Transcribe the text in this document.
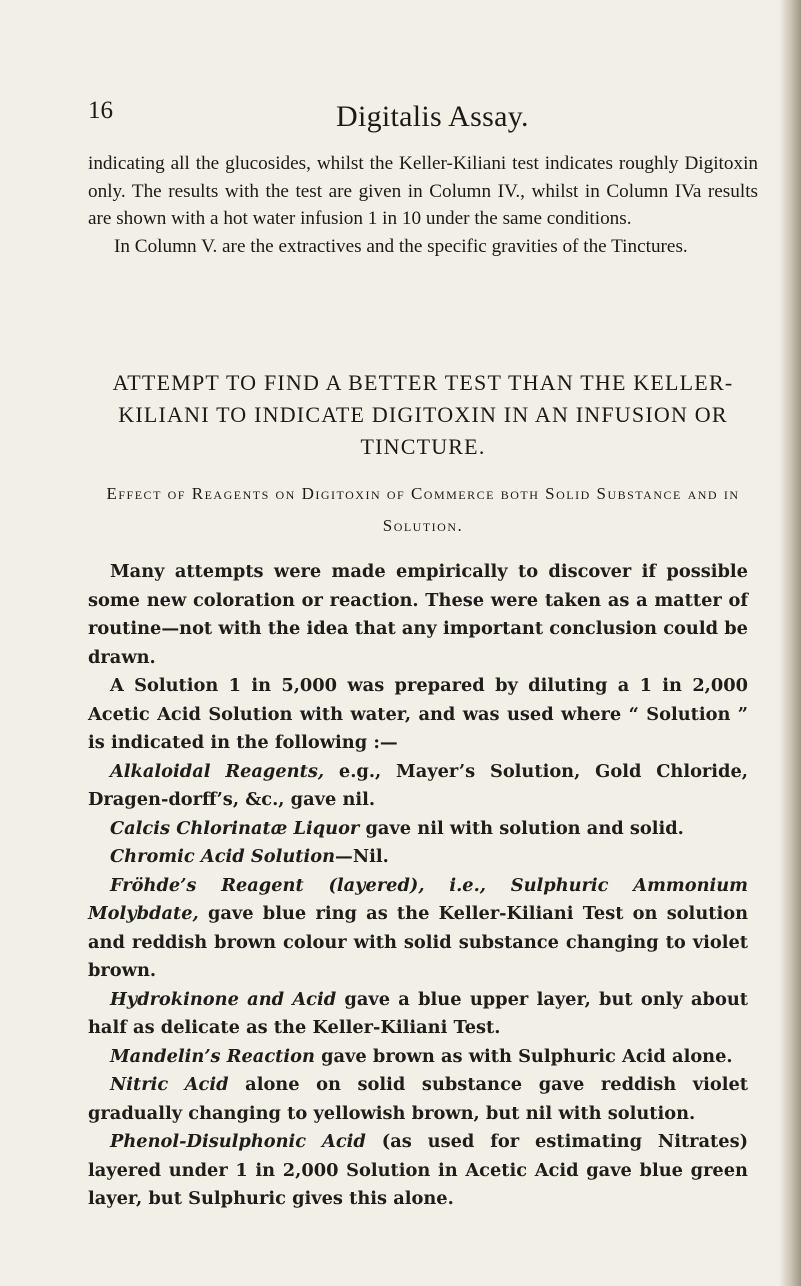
16	Digitalis Assay.

indicating all the glucosides, whilst the Keller-Kiliani test indicates roughly Digitoxin only. The results with the test are given in Column IV., whilst in Column IVa results are shown with a hot water infusion 1 in 10 under the same conditions.

In Column V. are the extractives and the specific gravities of the Tinctures.

ATTEMPT TO FIND A BETTER TEST THAN THE KELLER-KILIANI TO INDICATE DIGITOXIN IN AN INFUSION OR TINCTURE.
Effect of Reagents on Digitoxin of Commerce both Solid Substance and in Solution.

Many attempts were made empirically to discover if possible some new coloration or reaction. These were taken as a matter of routine—not with the idea that any important conclusion could be drawn.

A Solution 1 in 5,000 was prepared by diluting a 1 in 2,000 Acetic Acid Solution with water, and was used where “ Solution ” is indicated in the following :—

Alkaloidal Reagents, e.g., Mayer’s Solution, Gold Chloride, Dragen-dorff’s, &c., gave nil.

Calcis Chlorinatæ Liquor gave nil with solution and solid.

Chromic Acid Solution—Nil.

Fröhde’s Reagent (layered), i.e., Sulphuric Ammonium Molybdate, gave blue ring as the Keller-Kiliani Test on solution and reddish brown colour with solid substance changing to violet brown.

Hydrokinone and Acid gave a blue upper layer, but only about half as delicate as the Keller-Kiliani Test.

Mandelin’s Reaction gave brown as with Sulphuric Acid alone.

Nitric Acid alone on solid substance gave reddish violet gradually changing to yellowish brown, but nil with solution.

Phenol-Disulphonic Acid (as used for estimating Nitrates) layered under 1 in 2,000 Solution in Acetic Acid gave blue green layer, but Sulphuric gives this alone.
